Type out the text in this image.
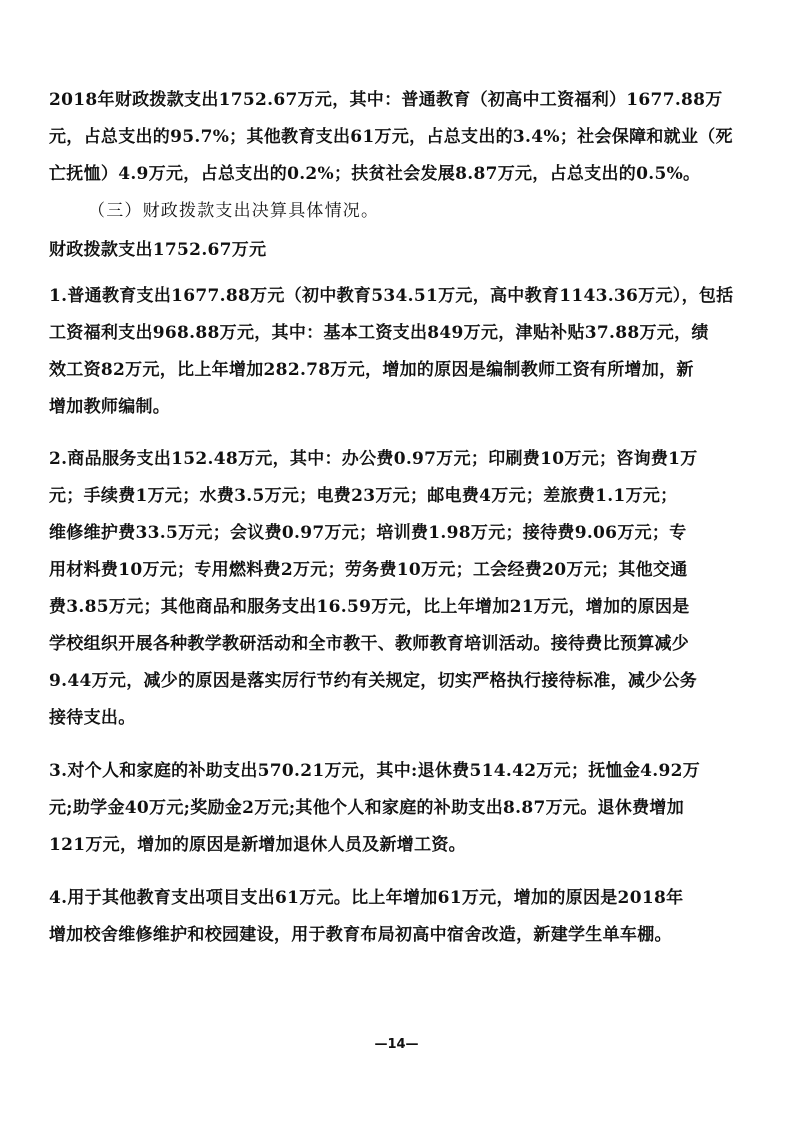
2018年财政拨款支出1752.67万元，其中：普通教育（初高中工资福利）1677.88万
元，占总支出的95.7%；其他教育支出61万元，占总支出的3.4%；社会保障和就业（死
亡抚恤）4.9万元，占总支出的0.2%；扶贫社会发展8.87万元，占总支出的0.5%。
（三）财政拨款支出决算具体情况。
财政拨款支出1752.67万元
1.普通教育支出1677.88万元（初中教育534.51万元，高中教育1143.36万元），包括
工资福利支出968.88万元，其中：基本工资支出849万元，津贴补贴37.88万元，绩
效工资82万元，比上年增加282.78万元，增加的原因是编制教师工资有所增加，新
增加教师编制。
2.商品服务支出152.48万元，其中：办公费0.97万元；印刷费10万元；咨询费1万
元；手续费1万元；水费3.5万元；电费23万元；邮电费4万元；差旅费1.1万元；
维修维护费33.5万元；会议费0.97万元；培训费1.98万元；接待费9.06万元；专
用材料费10万元；专用燃料费2万元；劳务费10万元；工会经费20万元；其他交通
费3.85万元；其他商品和服务支出16.59万元，比上年增加21万元，增加的原因是
学校组织开展各种教学教研活动和全市教干、教师教育培训活动。接待费比预算减少
9.44万元，减少的原因是落实厉行节约有关规定，切实严格执行接待标准，减少公务
接待支出。
3.对个人和家庭的补助支出570.21万元，其中:退休费514.42万元；抚恤金4.92万
元;助学金40万元;奖励金2万元;其他个人和家庭的补助支出8.87万元。退休费增加
121万元，增加的原因是新增加退休人员及新增工资。
4.用于其他教育支出项目支出61万元。比上年增加61万元，增加的原因是2018年
增加校舍维修维护和校园建设，用于教育布局初高中宿舍改造，新建学生单车棚。
—14—
